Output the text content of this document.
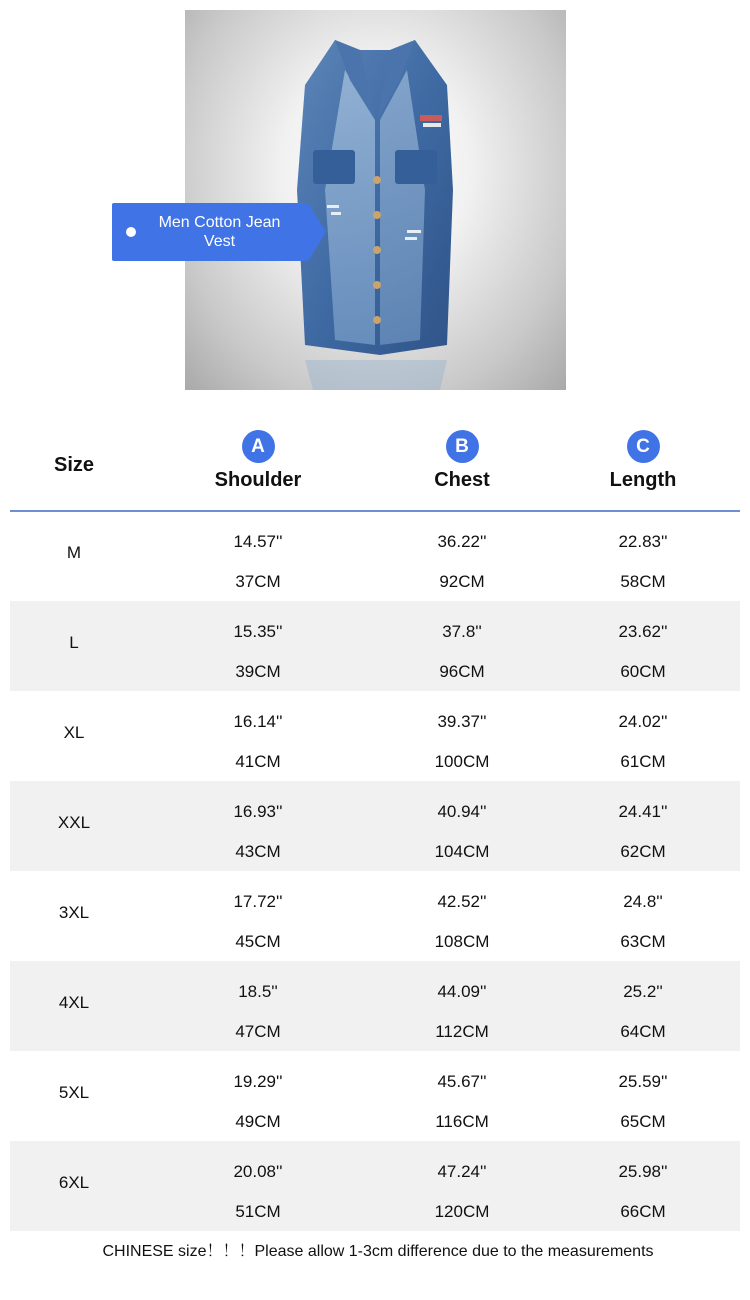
Men Cotton Jean Vest
Size
A
Shoulder
B
Chest
C
Length
M
14.57''
37CM
36.22''
92CM
22.83''
58CM
L
15.35''
39CM
37.8''
96CM
23.62''
60CM
XL
16.14''
41CM
39.37''
100CM
24.02''
61CM
XXL
16.93''
43CM
40.94''
104CM
24.41''
62CM
3XL
17.72''
45CM
42.52''
108CM
24.8''
63CM
4XL
18.5''
47CM
44.09''
112CM
25.2''
64CM
5XL
19.29''
49CM
45.67''
116CM
25.59''
65CM
6XL
20.08''
51CM
47.24''
120CM
25.98''
66CM
CHINESE size！！！Please allow 1-3cm difference due to the measurements
